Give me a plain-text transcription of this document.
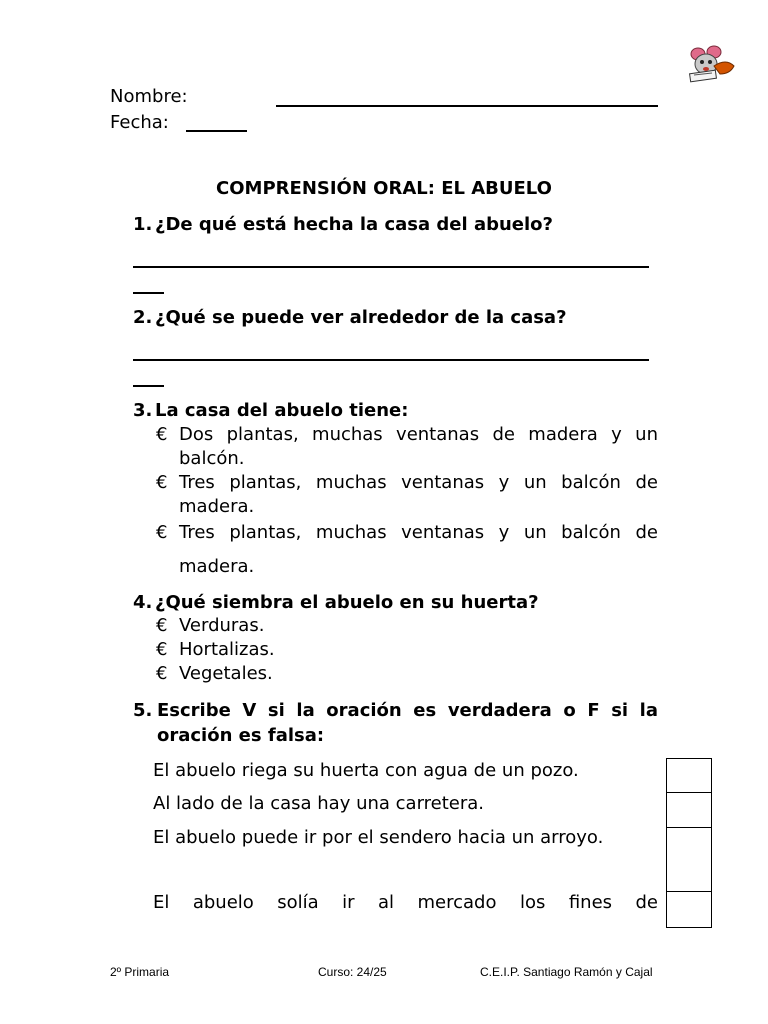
Nombre:
Fecha:
COMPRENSIÓN ORAL: EL ABUELO
1. ¿De qué está hecha la casa del abuelo?
2. ¿Qué se puede ver alrededor de la casa?
3. La casa del abuelo tiene:
€ Dos plantas, muchas ventanas de madera y un balcón.
€ Tres plantas, muchas ventanas y un balcón de madera.
€ Tres plantas, muchas ventanas y un balcón de madera.
4. ¿Qué siembra el abuelo en su huerta?
€ Verduras.
€ Hortalizas.
€ Vegetales.
5. Escribe V si la oración es verdadera o F si la oración es falsa:
El abuelo riega su huerta con agua de un pozo.
Al lado de la casa hay una carretera.
El abuelo puede ir por el sendero hacia un arroyo.
El abuelo solía ir al mercado los fines de
2º Primaria	Curso: 24/25	C.E.I.P. Santiago Ramón y Cajal
